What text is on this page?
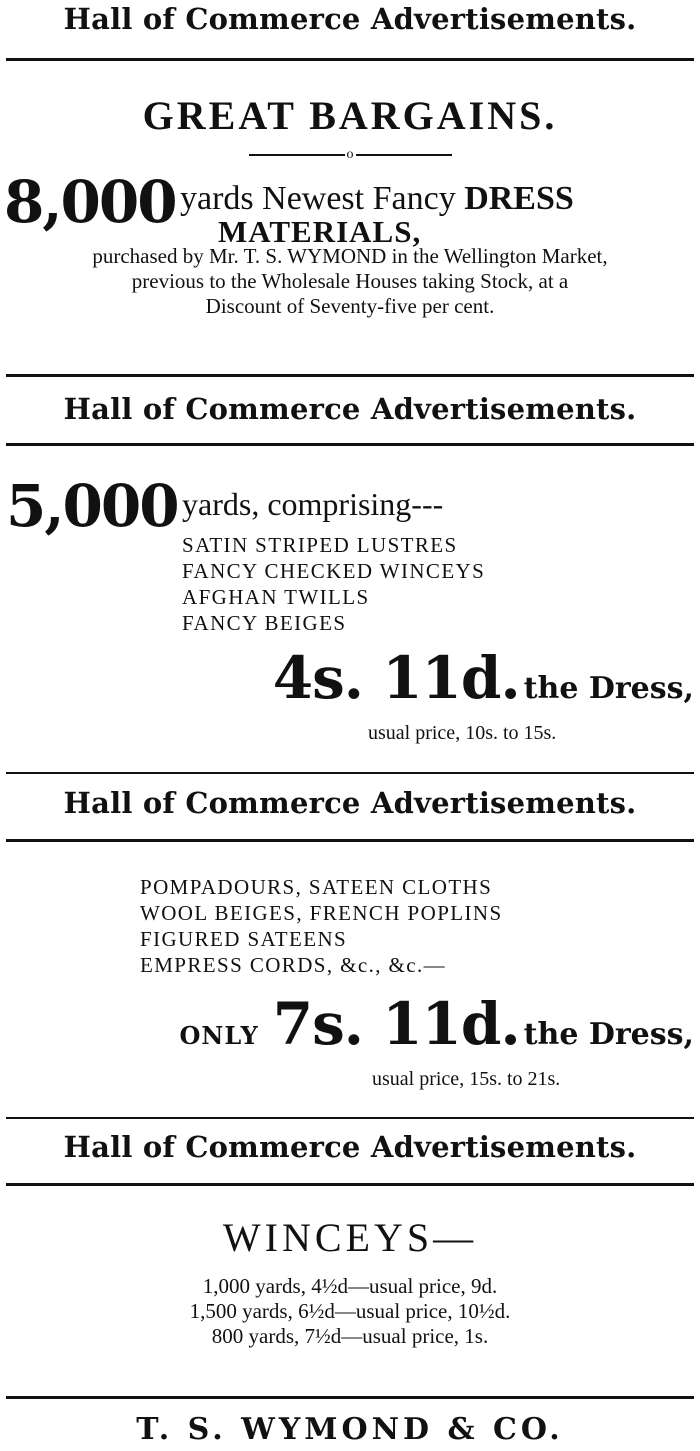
Hall of Commerce Advertisements.
GREAT BARGAINS.
o
8,000 yards Newest Fancy DRESS
MATERIALS,
purchased by Mr. T. S. WYMOND in the Wellington Market,
previous to the Wholesale Houses taking Stock, at a
Discount of Seventy-five per cent.
Hall of Commerce Advertisements.
5,000 yards, comprising---
SATIN STRIPED LUSTRES
FANCY CHECKED WINCEYS
AFGHAN TWILLS
FANCY BEIGES
4s. 11d. the Dress,
usual price, 10s. to 15s.
Hall of Commerce Advertisements.
POMPADOURS, SATEEN CLOTHS
WOOL BEIGES, FRENCH POPLINS
FIGURED SATEENS
EMPRESS CORDS, &c., &c.—
ONLY 7s. 11d. the Dress,
usual price, 15s. to 21s.
Hall of Commerce Advertisements.
WINCEYS—
1,000 yards, 4½d—usual price, 9d.
1,500 yards, 6½d—usual price, 10½d.
800 yards, 7½d—usual price, 1s.
T. S. WYMOND & CO.
